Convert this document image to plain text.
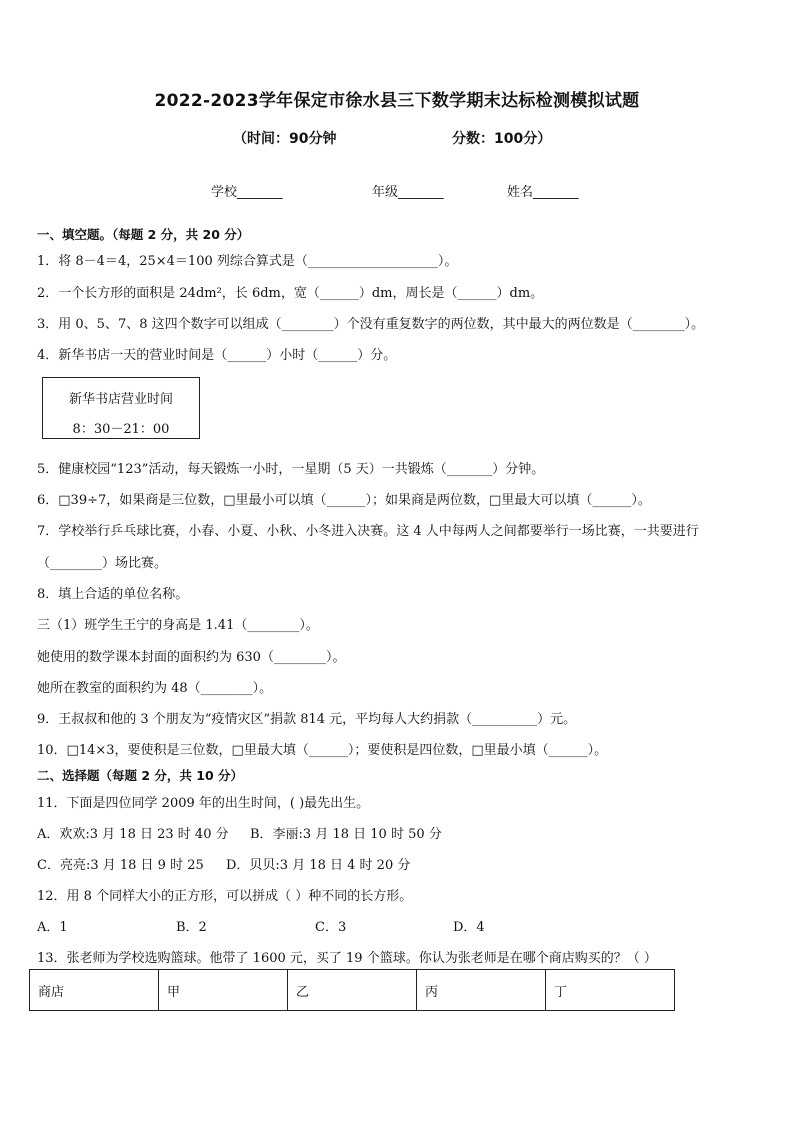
2022-2023学年保定市徐水县三下数学期末达标检测模拟试题
（时间：90分钟	分数：100分）
学校_______	年级_______	姓名_______
一、填空题。（每题 2 分，共 20 分）
1．将 8－4＝4，25×4＝100 列综合算式是（____________________）。
2．一个长方形的面积是 24dm²，长 6dm，宽（______）dm，周长是（______）dm。
3．用 0、5、7、8 这四个数字可以组成（________）个没有重复数字的两位数，其中最大的两位数是（________）。
4．新华书店一天的营业时间是（______）小时（______）分。
新华书店营业时间
8：30－21：00
5．健康校园“123”活动，每天锻炼一小时，一星期（5 天）一共锻炼（_______）分钟。
6．□39÷7，如果商是三位数，□里最小可以填（______）；如果商是两位数，□里最大可以填（______）。
7．学校举行乒乓球比赛，小春、小夏、小秋、小冬进入决赛。这 4 人中每两人之间都要举行一场比赛，一共要进行
（________）场比赛。
8．填上合适的单位名称。
三（1）班学生王宁的身高是 1.41（________）。
她使用的数学课本封面的面积约为 630（________）。
她所在教室的面积约为 48（________）。
9．王叔叔和他的 3 个朋友为“疫情灾区”捐款 814 元，平均每人大约捐款（__________）元。
10．□14×3，要使积是三位数，□里最大填（______）；要使积是四位数，□里最小填（______）。
二、选择题（每题 2 分，共 10 分）
11．下面是四位同学 2009 年的出生时间，( )最先出生。
A．欢欢:3 月 18 日 23 时 40 分 B．李丽:3 月 18 日 10 时 50 分
C．亮亮:3 月 18 日 9 时 25 D．贝贝:3 月 18 日 4 时 20 分
12．用 8 个同样大小的正方形，可以拼成（ ）种不同的长方形。
A．1	B．2	C．3	D．4
13．张老师为学校选购篮球。他带了 1600 元，买了 19 个篮球。你认为张老师是在哪个商店购买的？（ ）
商店	甲	乙	丙	丁
